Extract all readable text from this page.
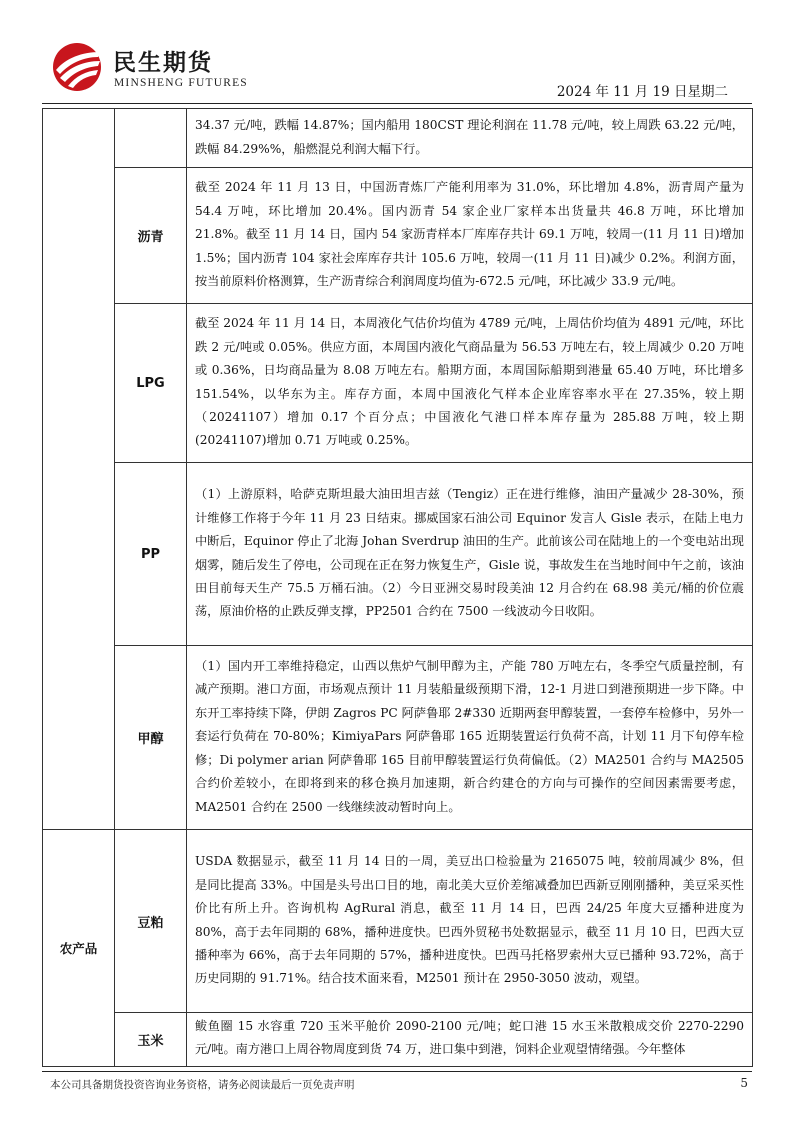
民生期货
MINSHENG FUTURES
2024 年 11 月 19 日星期二

		34.37 元/吨，跌幅 14.87%；国内船用 180CST 理论利润在 11.78 元/吨，较上周跌 63.22 元/吨，跌幅 84.29%%，船燃混兑利润大幅下行。

	沥青	截至 2024 年 11 月 13 日，中国沥青炼厂产能利用率为 31.0%，环比增加 4.8%，沥青周产量为 54.4 万吨，环比增加 20.4%。国内沥青 54 家企业厂家样本出货量共 46.8 万吨，环比增加 21.8%。截至 11 月 14 日，国内 54 家沥青样本厂库库存共计 69.1 万吨，较周一(11 月 11 日)增加 1.5%；国内沥青 104 家社会库库存共计 105.6 万吨，较周一(11 月 11 日)减少 0.2%。利润方面，按当前原料价格测算，生产沥青综合利润周度均值为-672.5 元/吨，环比减少 33.9 元/吨。

	LPG	截至 2024 年 11 月 14 日，本周液化气估价均值为 4789 元/吨，上周估价均值为 4891 元/吨，环比跌 2 元/吨或 0.05%。供应方面，本周国内液化气商品量为 56.53 万吨左右，较上周减少 0.20 万吨或 0.36%，日均商品量为 8.08 万吨左右。船期方面，本周国际船期到港量 65.40 万吨，环比增多 151.54%，以华东为主。库存方面，本周中国液化气样本企业库容率水平在 27.35%，较上期（20241107）增加 0.17 个百分点；中国液化气港口样本库存量为 285.88 万吨，较上期(20241107)增加 0.71 万吨或 0.25%。

	PP	（1）上游原料，哈萨克斯坦最大油田坦吉兹（Tengiz）正在进行维修，油田产量减少 28-30%，预计维修工作将于今年 11 月 23 日结束。挪威国家石油公司 Equinor 发言人 Gisle 表示，在陆上电力中断后，Equinor 停止了北海 Johan Sverdrup 油田的生产。此前该公司在陆地上的一个变电站出现烟雾，随后发生了停电，公司现在正在努力恢复生产，Gisle 说，事故发生在当地时间中午之前，该油田目前每天生产 75.5 万桶石油。（2）今日亚洲交易时段美油 12 月合约在 68.98 美元/桶的价位震荡，原油价格的止跌反弹支撑，PP2501 合约在 7500 一线波动今日收阳。

	甲醇	（1）国内开工率维持稳定，山西以焦炉气制甲醇为主，产能 780 万吨左右，冬季空气质量控制，有减产预期。港口方面，市场观点预计 11 月装船量级预期下滑，12-1 月进口到港预期进一步下降。中东开工率持续下降，伊朗 Zagros PC 阿萨鲁耶 2#330 近期两套甲醇装置，一套停车检修中，另外一套运行负荷在 70-80%；KimiyaPars 阿萨鲁耶 165 近期装置运行负荷不高，计划 11 月下旬停车检修；Di polymer arian 阿萨鲁耶 165 目前甲醇装置运行负荷偏低。（2）MA2501 合约与 MA2505 合约价差较小，在即将到来的移仓换月加速期，新合约建仓的方向与可操作的空间因素需要考虑，MA2501 合约在 2500 一线继续波动暂时向上。

农产品	豆粕	USDA 数据显示，截至 11 月 14 日的一周，美豆出口检验量为 2165075 吨，较前周减少 8%，但是同比提高 33%。中国是头号出口目的地，南北美大豆价差缩减叠加巴西新豆刚刚播种，美豆采买性价比有所上升。咨询机构 AgRural 消息，截至 11 月 14 日，巴西 24/25 年度大豆播种进度为 80%，高于去年同期的 68%，播种进度快。巴西外贸秘书处数据显示，截至 11 月 10 日，巴西大豆播种率为 66%，高于去年同期的 57%，播种进度快。巴西马托格罗索州大豆已播种 93.72%，高于历史同期的 91.71%。结合技术面来看，M2501 预计在 2950-3050 波动，观望。

	玉米	鲅鱼圈 15 水容重 720 玉米平舱价 2090-2100 元/吨；蛇口港 15 水玉米散粮成交价 2270-2290 元/吨。南方港口上周谷物周度到货 74 万，进口集中到港，饲料企业观望情绪强。今年整体

本公司具备期货投资咨询业务资格，请务必阅读最后一页免责声明	5
